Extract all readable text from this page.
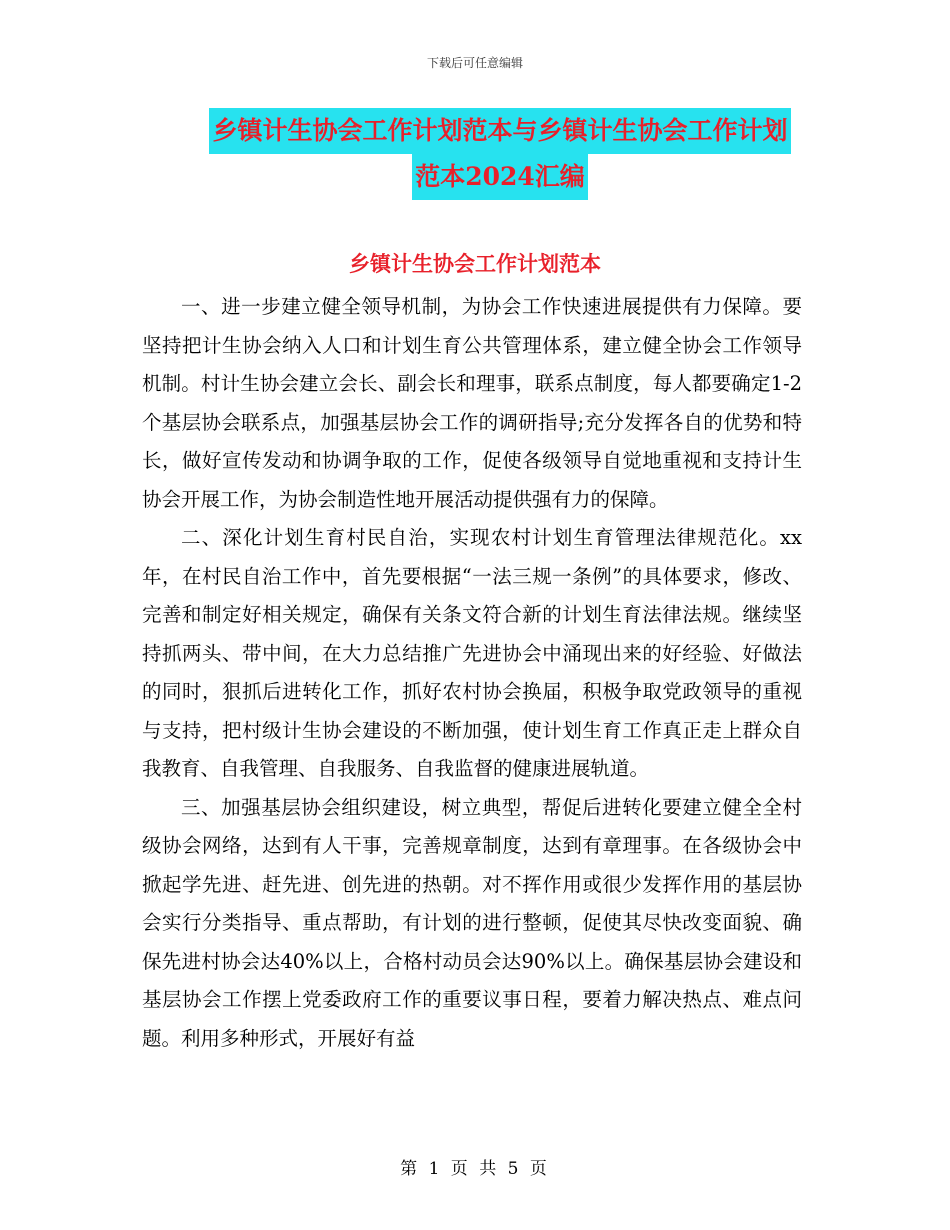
下载后可任意编辑
乡镇计生协会工作计划范本与乡镇计生协会工作计划
范本2024汇编
乡镇计生协会工作计划范本

一、进一步建立健全领导机制，为协会工作快速进展提供有力保障。要坚持把计生协会纳入人口和计划生育公共管理体系，建立健全协会工作领导机制。村计生协会建立会长、副会长和理事，联系点制度，每人都要确定1-2个基层协会联系点，加强基层协会工作的调研指导;充分发挥各自的优势和特长，做好宣传发动和协调争取的工作，促使各级领导自觉地重视和支持计生协会开展工作，为协会制造性地开展活动提供强有力的保障。

二、深化计划生育村民自治，实现农村计划生育管理法律规范化。xx年，在村民自治工作中，首先要根据“一法三规一条例”的具体要求，修改、完善和制定好相关规定，确保有关条文符合新的计划生育法律法规。继续坚持抓两头、带中间，在大力总结推广先进协会中涌现出来的好经验、好做法的同时，狠抓后进转化工作，抓好农村协会换届，积极争取党政领导的重视与支持，把村级计生协会建设的不断加强，使计划生育工作真正走上群众自我教育、自我管理、自我服务、自我监督的健康进展轨道。

三、加强基层协会组织建设，树立典型，帮促后进转化要建立健全全村级协会网络，达到有人干事，完善规章制度，达到有章理事。在各级协会中掀起学先进、赶先进、创先进的热朝。对不挥作用或很少发挥作用的基层协会实行分类指导、重点帮助，有计划的进行整顿，促使其尽快改变面貌、确保先进村协会达40%以上，合格村动员会达90%以上。确保基层协会建设和基层协会工作摆上党委政府工作的重要议事日程，要着力解决热点、难点问题。利用多种形式，开展好有益

第 1 页 共 5 页
